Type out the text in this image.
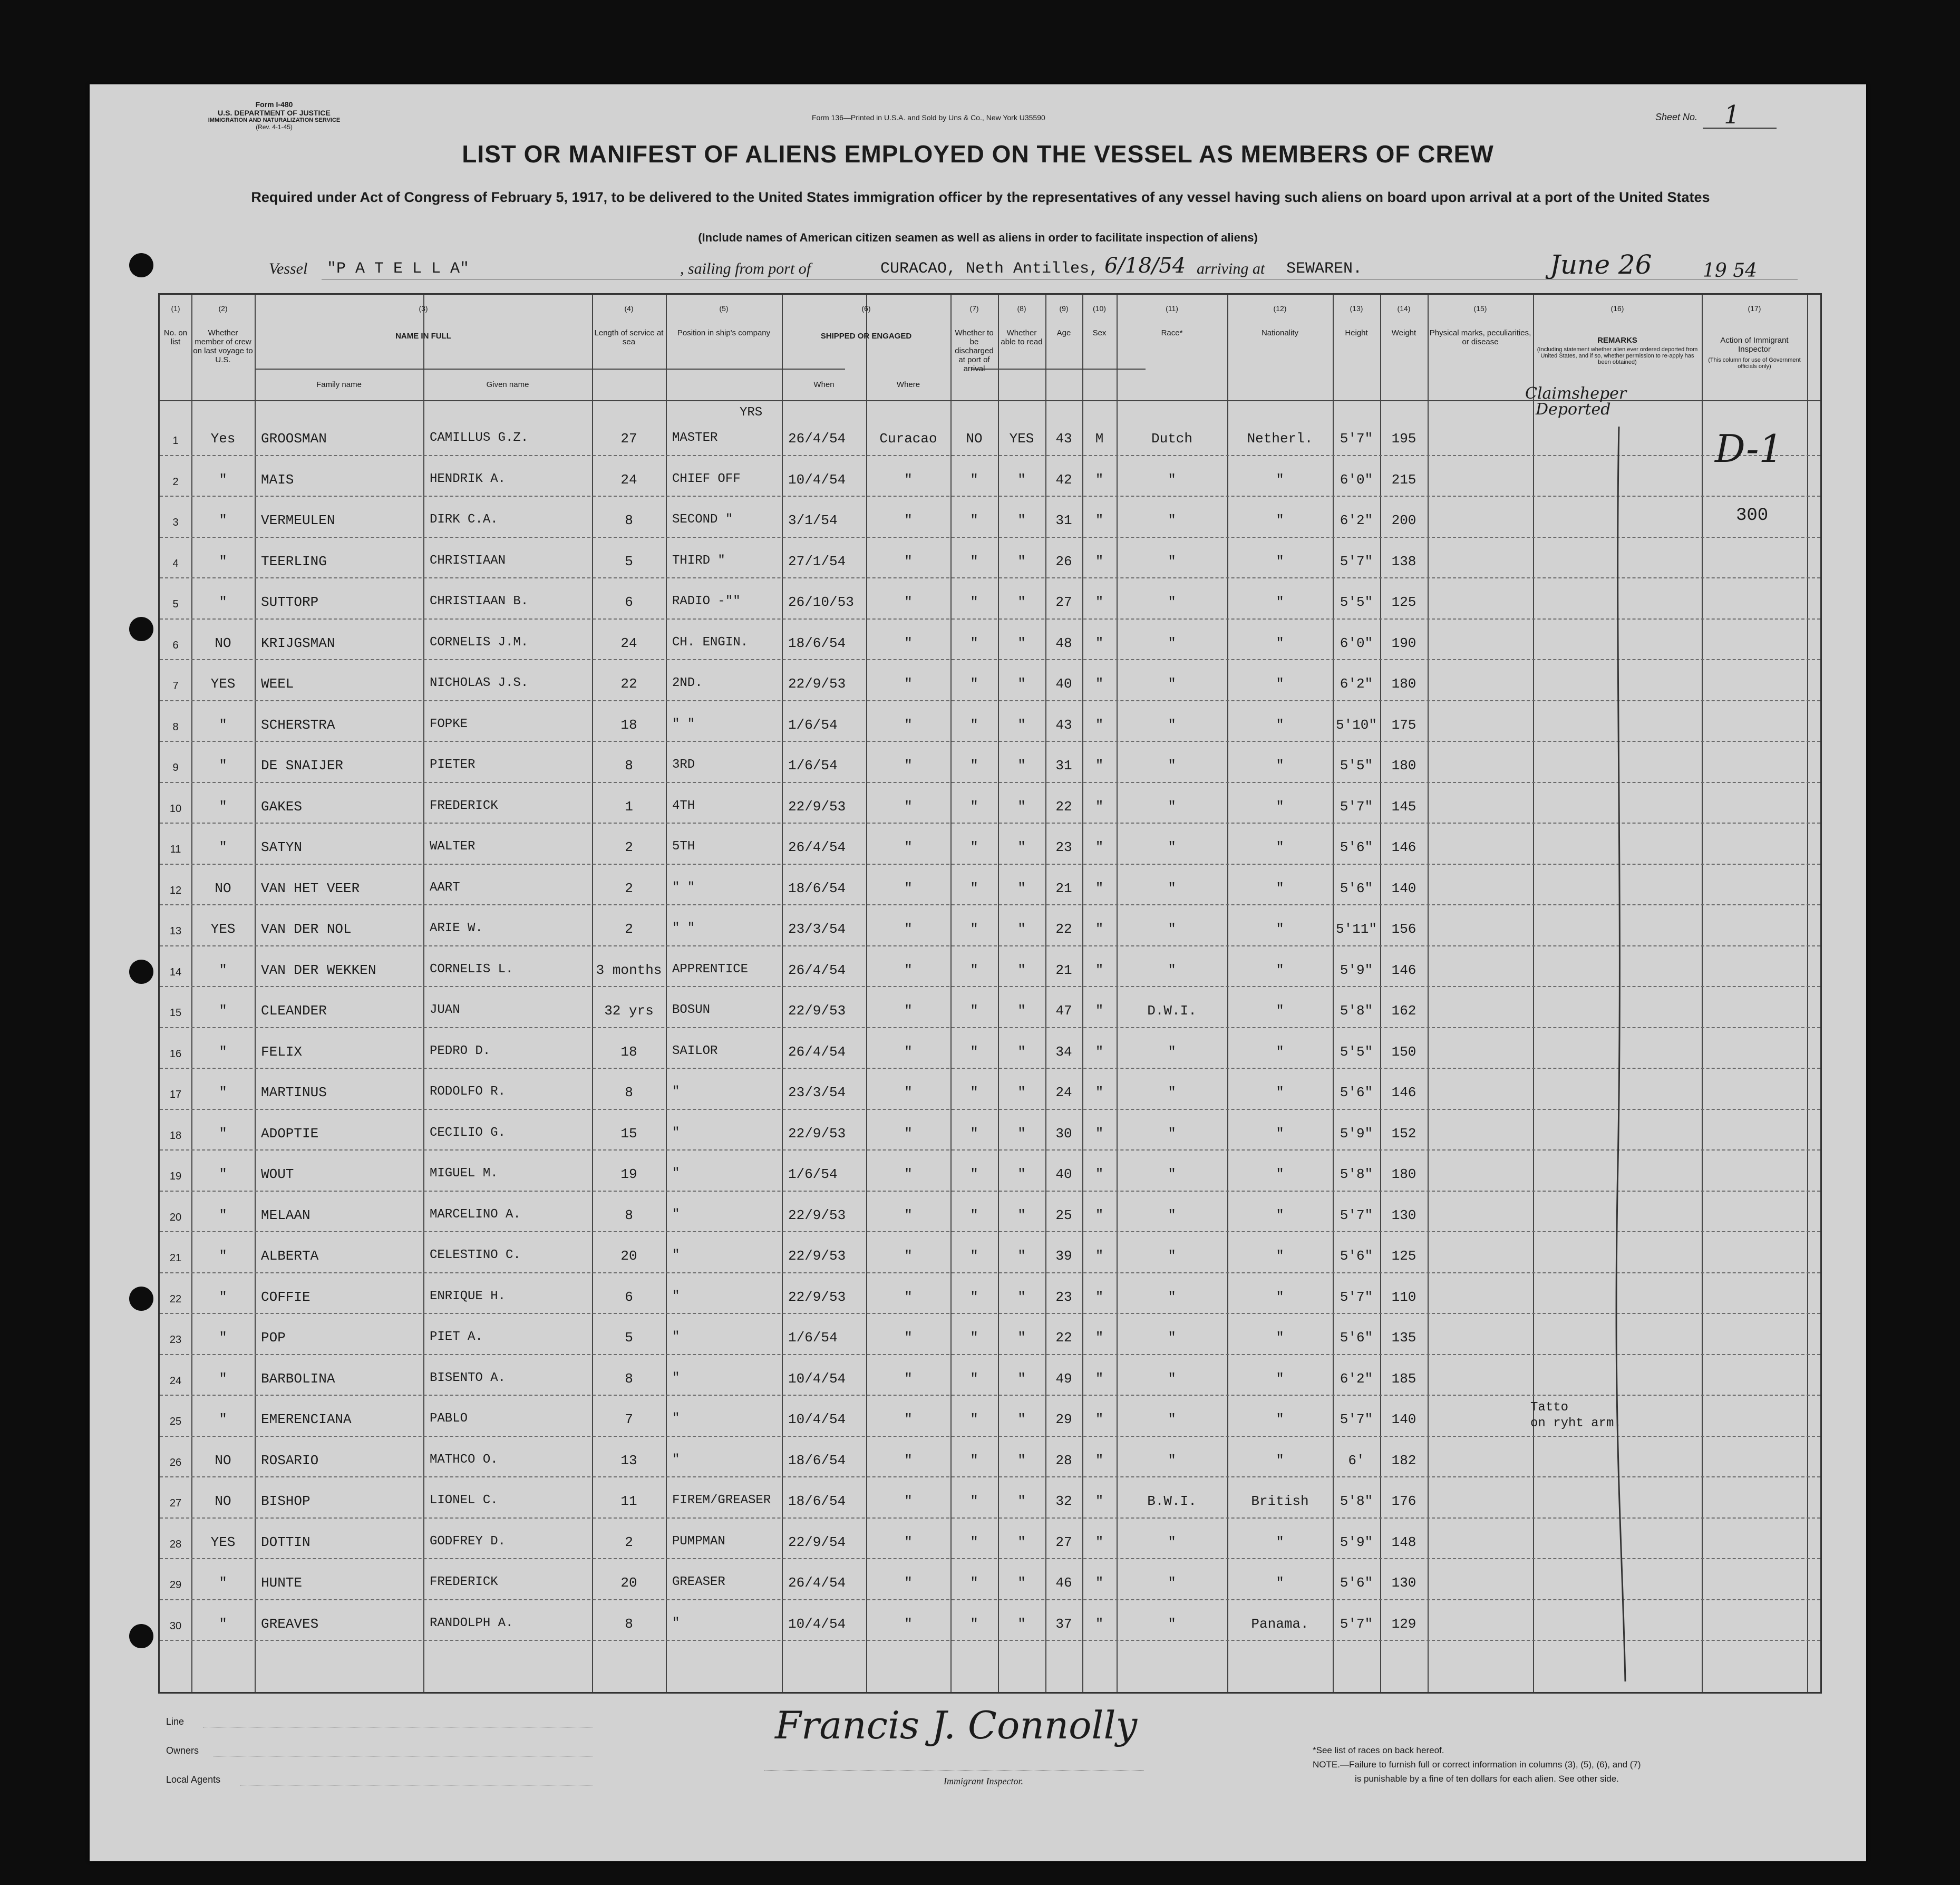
Form I-480
U.S. DEPARTMENT OF JUSTICE
IMMIGRATION AND NATURALIZATION SERVICE
(Rev. 4-1-45)
Form 136—Printed in U.S.A. and Sold by Uns & Co., New York U35590	Sheet No. 1
LIST OR MANIFEST OF ALIENS EMPLOYED ON THE VESSEL AS MEMBERS OF CREW
Required under Act of Congress of February 5, 1917, to be delivered to the United States immigration officer by the representatives of any vessel having such aliens on board upon arrival at a port of the United States
(Include names of American citizen seamen as well as aliens in order to facilitate inspection of aliens)
Vessel "P A T E L L A"	, sailing from port of	CURACAO, Neth Antilles, 6/18/54 arriving at SEWAREN.	June 26	19 54
(1)
No. on list
(2)
Whether member of crew on last voyage to U.S.
(3)
NAME IN FULL
(4)
Length of service at sea
(5)
Position in ship's company
(6)
SHIPPED OR ENGAGED
(7)
Whether to be discharged at port of arrival
(8)
Whether able to read
(9)
Age
(10)
Sex
(11)
Race*
(12)
Nationality
(13)
Height
(14)
Weight
(15)
Physical marks, peculiarities, or disease
(16)
REMARKS
(17)
Action of Immigrant Inspector
Family name	Given name	When	Where
(Including statement whether alien ever ordered deported from United States, and if so, whether permission to re-apply has been obtained)	(This column for use of Government officials only)
1	Yes	GROOSMAN	CAMILLUS G.Z.	27	MASTER	26/4/54	Curacao	NO	YES	43	M	Dutch	Netherl.	5'7"	195
2	"	MAIS	HENDRIK A.	24	CHIEF OFF	10/4/54	"	"	"	42	"	"	"	6'0"	215
3	"	VERMEULEN	DIRK C.A.	8	SECOND "	3/1/54	"	"	"	31	"	"	"	6'2"	200
4	"	TEERLING	CHRISTIAAN	5	THIRD "	27/1/54	"	"	"	26	"	"	"	5'7"	138
5	"	SUTTORP	CHRISTIAAN B.	6	RADIO -""	26/10/53	"	"	"	27	"	"	"	5'5"	125
6	NO	KRIJGSMAN	CORNELIS J.M.	24	CH. ENGIN.	18/6/54	"	"	"	48	"	"	"	6'0"	190
7	YES	WEEL	NICHOLAS J.S.	22	2ND.	22/9/53	"	"	"	40	"	"	"	6'2"	180
8	"	SCHERSTRA	FOPKE	18	" "	1/6/54	"	"	"	43	"	"	"	5'10"	175
9	"	DE SNAIJER	PIETER	8	3RD	1/6/54	"	"	"	31	"	"	"	5'5"	180
10	"	GAKES	FREDERICK	1	4TH	22/9/53	"	"	"	22	"	"	"	5'7"	145
11	"	SATYN	WALTER	2	5TH	26/4/54	"	"	"	23	"	"	"	5'6"	146
12	NO	VAN HET VEER	AART	2	" "	18/6/54	"	"	"	21	"	"	"	5'6"	140
13	YES	VAN DER NOL	ARIE W.	2	" "	23/3/54	"	"	"	22	"	"	"	5'11"	156
14	"	VAN DER WEKKEN	CORNELIS L.	3 months APPRENTICE	26/4/54	"	"	"	21	"	"	"	5'9"	146
15	"	CLEANDER	JUAN	32 yrs	BOSUN	22/9/53	"	"	"	47	"	D.W.I.	"	5'8"	162
16	"	FELIX	PEDRO D.	18	SAILOR	26/4/54	"	"	"	34	"	"	"	5'5"	150
17	"	MARTINUS	RODOLFO R.	8	"	23/3/54	"	"	"	24	"	"	"	5'6"	146
18	"	ADOPTIE	CECILIO G.	15	"	22/9/53	"	"	"	30	"	"	"	5'9"	152
19	"	WOUT	MIGUEL M.	19	"	1/6/54	"	"	"	40	"	"	"	5'8"	180
20	"	MELAAN	MARCELINO A.	8	"	22/9/53	"	"	"	25	"	"	"	5'7"	130
21	"	ALBERTA	CELESTINO C.	20	"	22/9/53	"	"	"	39	"	"	"	5'6"	125
22	"	COFFIE	ENRIQUE H.	6	"	22/9/53	"	"	"	23	"	"	"	5'7"	110
23	"	POP	PIET A.	5	"	1/6/54	"	"	"	22	"	"	"	5'6"	135
24	"	BARBOLINA	BISENTO A.	8	"	10/4/54	"	"	"	49	"	"	"	6'2"	185
25	"	EMERENCIANA	PABLO	7	"	10/4/54	"	"	"	29	"	"	"	5'7"	140
26	NO	ROSARIO	MATHCO O.	13	"	18/6/54	"	"	"	28	"	"	"	6'	182
27	NO	BISHOP	LIONEL C.	11	FIREM/GREASER 18/6/54	"	"	"	32	"	B.W.I.	British	5'8"	176
28	YES	DOTTIN	GODFREY D.	2	PUMPMAN	22/9/54	"	"	"	27	"	"	"	5'9"	148
29	"	HUNTE	FREDERICK	20	GREASER	26/4/54	"	"	"	46	"	"	"	5'6"	130
30	"	GREAVES	RANDOLPH A.	8	"	10/4/54	"	"	"	37	"	"	Panama.	5'7"	129
YRS
Claimsheper
Deported
D-1
300
Tatto
on ryht arm.
Line
Owners
Local Agents
Francis J. Connolly
Immigrant Inspector.
*See list of races on back hereof.
NOTE.—Failure to furnish full or correct information in columns (3), (5), (6), and (7)
is punishable by a fine of ten dollars for each alien. See other side.
